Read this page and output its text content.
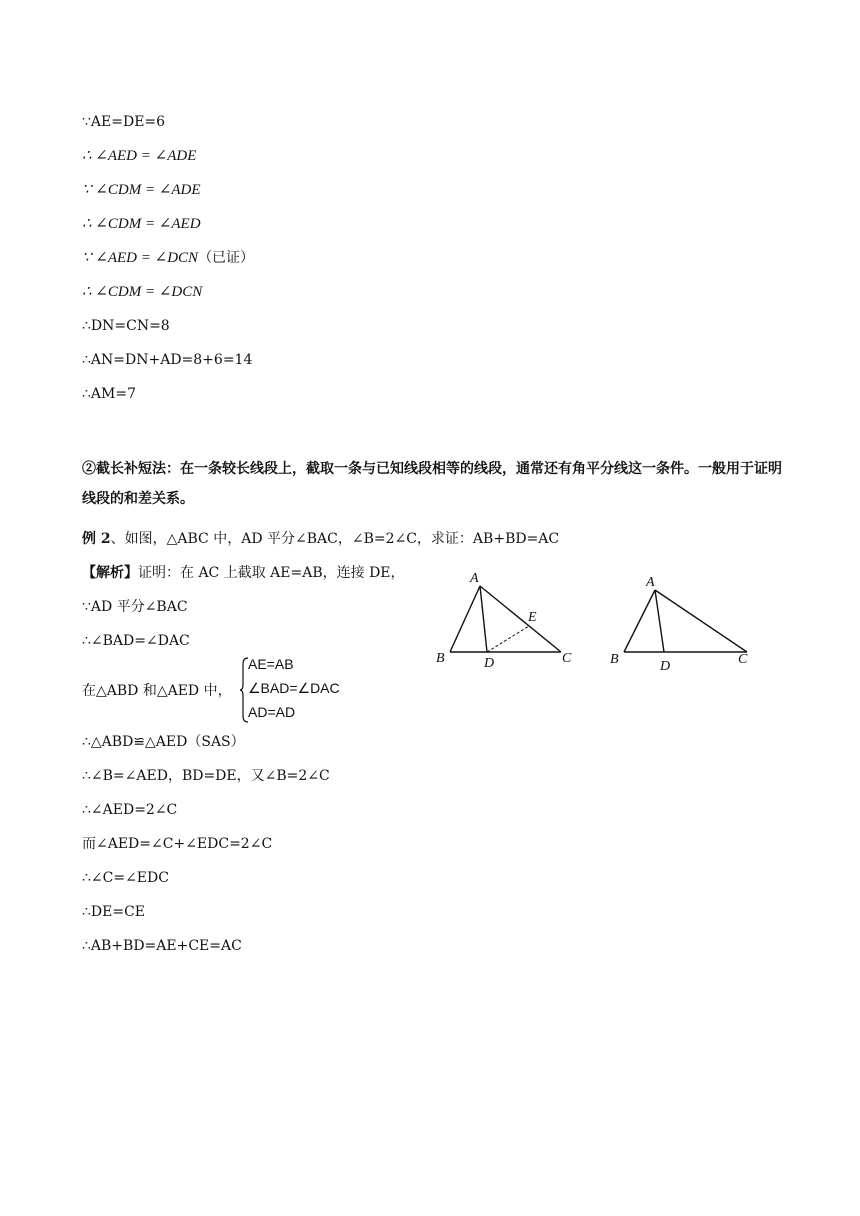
∵AE=DE=6
∴ ∠AED = ∠ADE
∵ ∠CDM = ∠ADE
∴ ∠CDM = ∠AED
∵ ∠AED = ∠DCN（已证）
∴ ∠CDM = ∠DCN
∴DN=CN=8
∴AN=DN+AD=8+6=14
∴AM=7
②截长补短法：在一条较长线段上，截取一条与已知线段相等的线段，通常还有角平分线这一条件。一般用于证明线段的和差关系。
例 2、如图，△ABC 中，AD 平分∠BAC，∠B=2∠C，求证：AB+BD=AC
【解析】证明：在 AC 上截取 AE=AB，连接 DE，
∵AD 平分∠BAC
∴∠BAD=∠DAC
在△ABD 和△AED 中，
AE=AB
∠BAD=∠DAC
AD=AD
∴△ABD≌△AED（SAS）
∴∠B=∠AED，BD=DE，又∠B=2∠C
∴∠AED=2∠C
而∠AED=∠C+∠EDC=2∠C
∴∠C=∠EDC
∴DE=CE
∴AB+BD=AE+CE=AC
A
B	C
D
E
A
B	C
D
